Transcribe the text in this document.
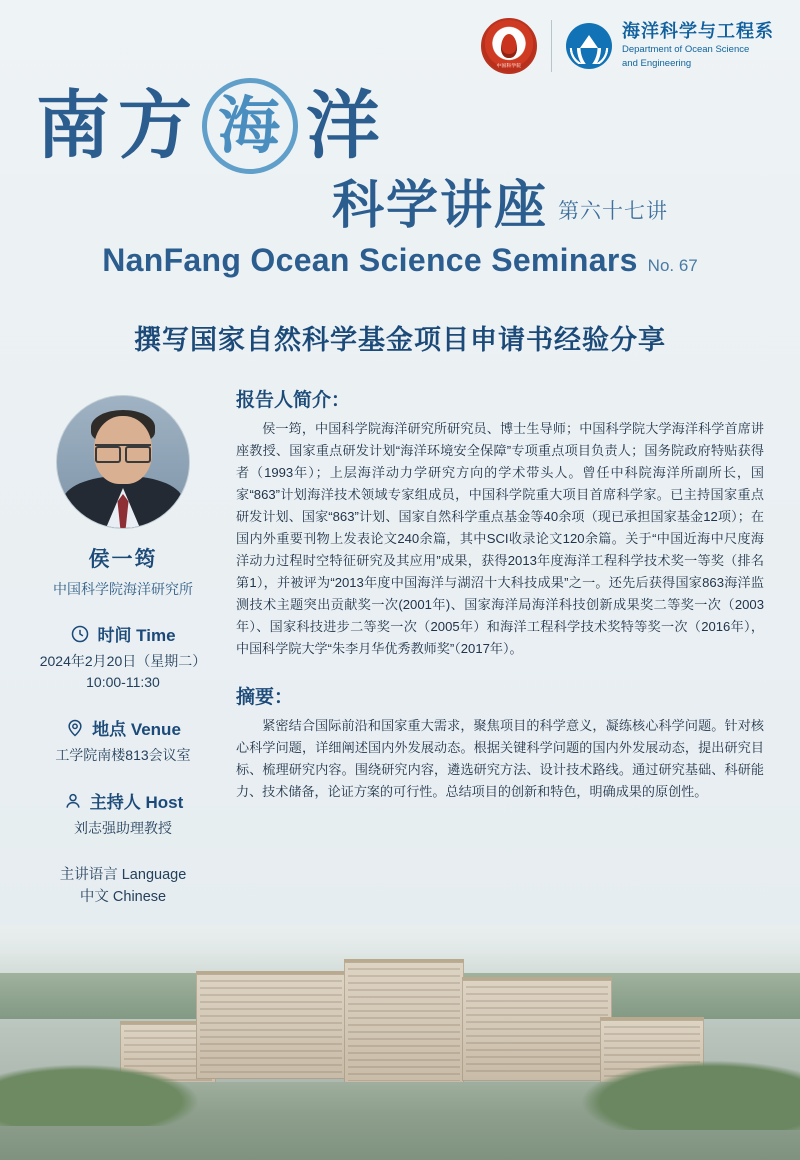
中国科学院
海洋科学与工程系
Department of Ocean Science
and Engineering
南 方 海 洋
科学讲座 第六十七讲
NanFang Ocean Science Seminars No. 67
撰写国家自然科学基金项目申请书经验分享
侯一筠
中国科学院海洋研究所
时间 Time
2024年2月20日（星期二）
10:00-11:30
地点 Venue
工学院南楼813会议室
主持人 Host
刘志强助理教授
主讲语言 Language
中文 Chinese
报告人简介：
侯一筠，中国科学院海洋研究所研究员、博士生导师；中国科学院大学海洋科学首席讲座教授、国家重点研发计划“海洋环境安全保障”专项重点项目负责人；国务院政府特贴获得者（1993年）；上层海洋动力学研究方向的学术带头人。曾任中科院海洋所副所长，国家“863”计划海洋技术领域专家组成员，中国科学院重大项目首席科学家。已主持国家重点研发计划、国家“863”计划、国家自然科学重点基金等40余项（现已承担国家基金12项）；在国内外重要刊物上发表论文240余篇，其中SCI收录论文120余篇。关于“中国近海中尺度海洋动力过程时空特征研究及其应用”成果，获得2013年度海洋工程科学技术奖一等奖（排名第1），并被评为“2013年度中国海洋与湖沼十大科技成果”之一。还先后获得国家863海洋监测技术主题突出贡献奖一次(2001年)、国家海洋局海洋科技创新成果奖二等奖一次（2003年）、国家科技进步二等奖一次（2005年）和海洋工程科学技术奖特等奖一次（2016年），中国科学院大学“朱李月华优秀教师奖”（2017年）。
摘要：
紧密结合国际前沿和国家重大需求，聚焦项目的科学意义，凝练核心科学问题。针对核心科学问题，详细阐述国内外发展动态。根据关键科学问题的国内外发展动态，提出研究目标、梳理研究内容。围绕研究内容，遴选研究方法、设计技术路线。通过研究基础、科研能力、技术储备，论证方案的可行性。总结项目的创新和特色，明确成果的原创性。
